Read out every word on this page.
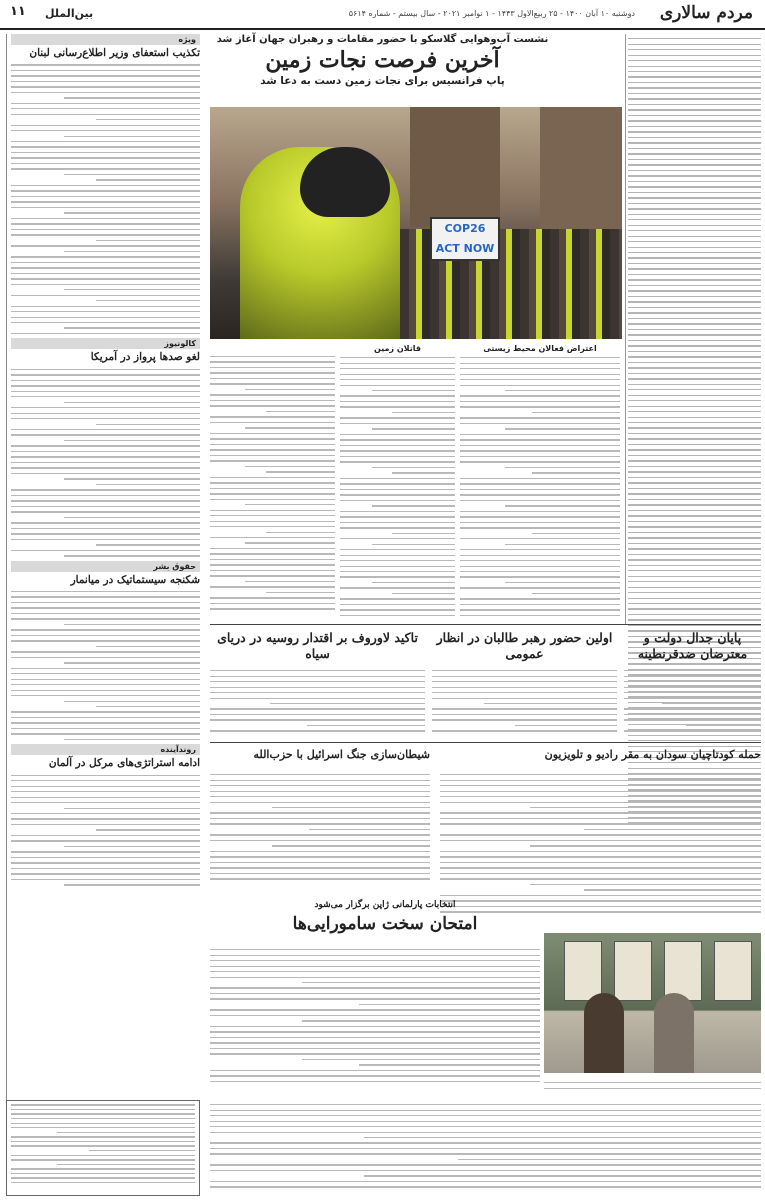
مردم سالاری
دوشنبه ۱۰ آبان ۱۴۰۰ - ۲۵ ربیع‌الاول ۱۴۴۳ - ۱ نوامبر ۲۰۲۱ - سال بیستم - شماره ۵۶۱۴
بین‌الملل
۱۱
ویژه
تکذیب استعفای وزیر اطلاع‌رسانی لبنان
کالونیوز
لغو صدها پرواز در آمریکا
حقوق بشر
شکنجه سیستماتیک در میانمار
روندآینده
ادامه استراتژی‌های مرکل در آلمان
نشست آب‌وهوایی گلاسکو با حضور مقامات و رهبران جهان آغاز شد
آخرین فرصت نجات زمین
پاپ فرانسیس برای نجات زمین دست به دعا شد
COP26 ACT NOW
اعتراض فعالان محیط زیستی
قاتلان زمین
پایان جدال دولت و معترضان ضدقرنطینه
اولین حضور رهبر طالبان در انظار عمومی
تاکید لاوروف بر اقتدار روسیه در دریای سیاه
حمله کودتاچیان سودان به مقر رادیو و تلویزیون
شیطان‌سازی جنگ اسرائیل با حزب‌الله
انتخابات پارلمانی ژاپن برگزار می‌شود
امتحان سخت سامورایی‌ها
